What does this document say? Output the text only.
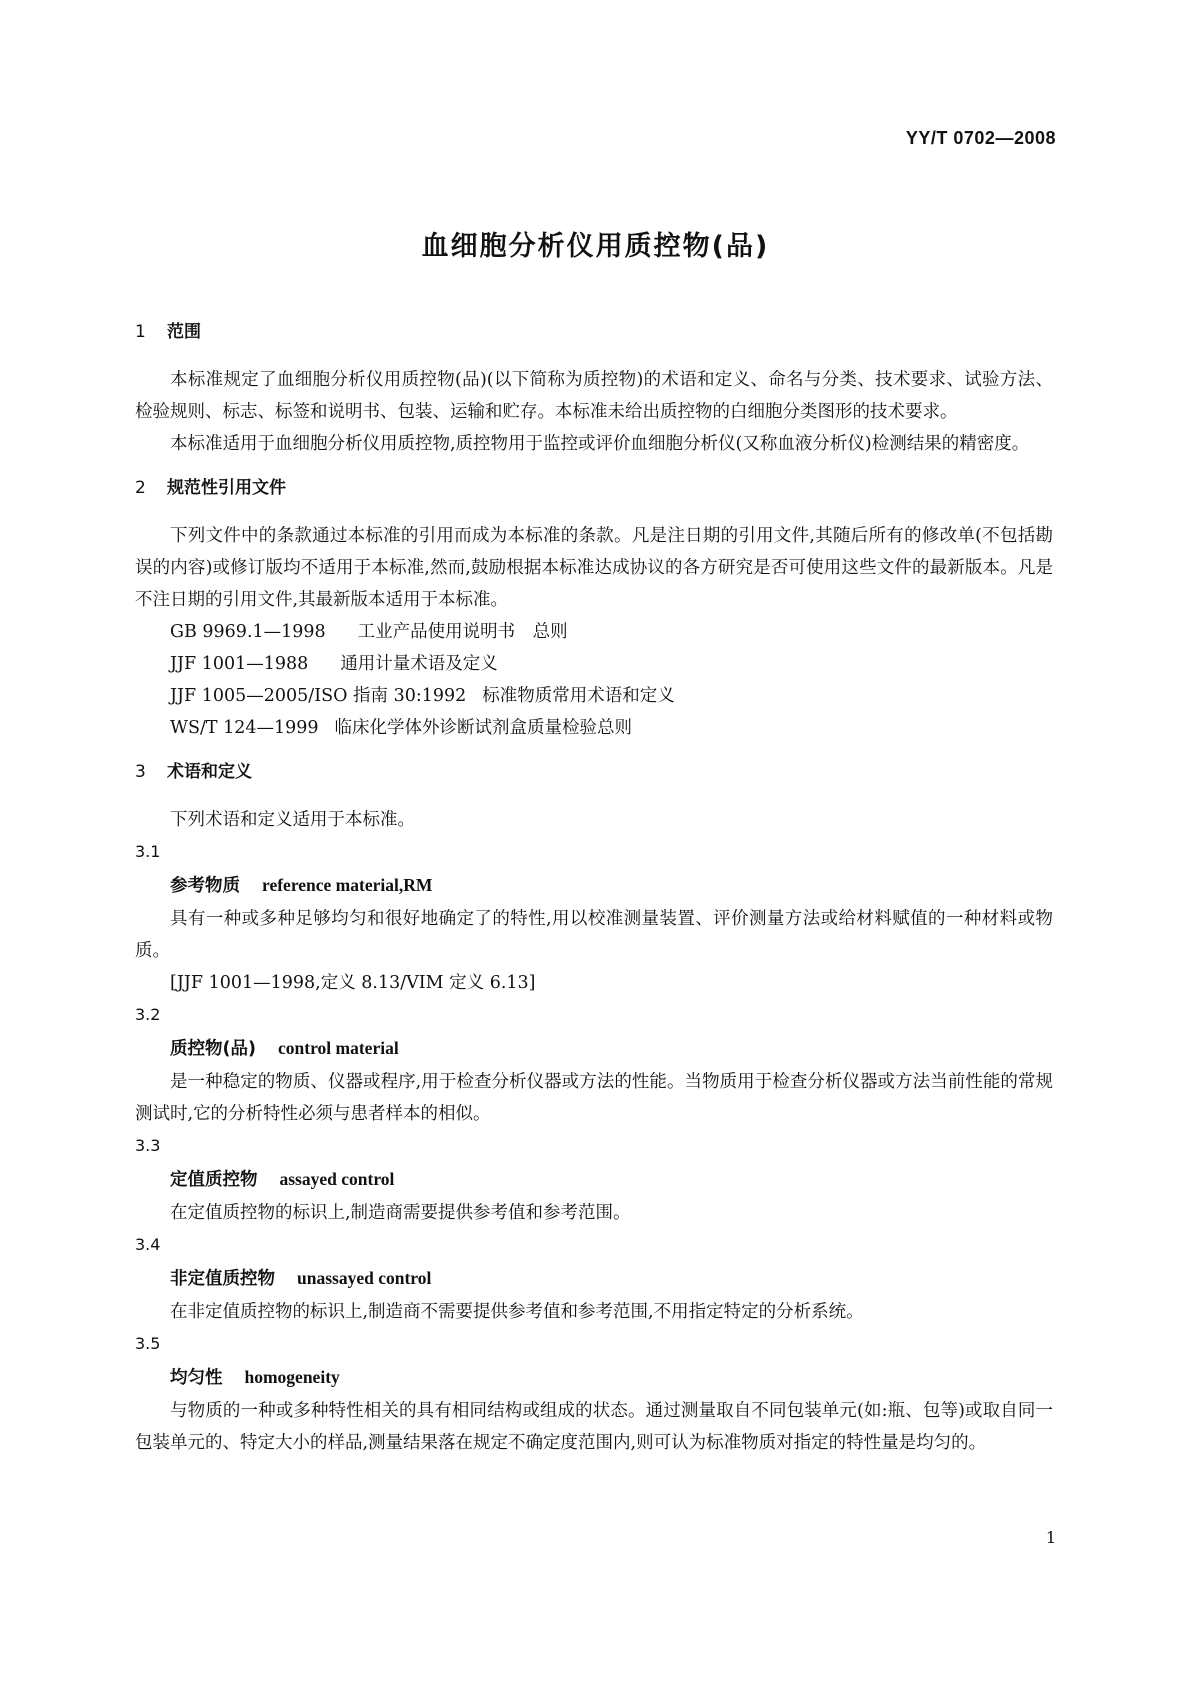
YY/T 0702—2008
血细胞分析仪用质控物(品)
1 范围
本标准规定了血细胞分析仪用质控物(品)(以下简称为质控物)的术语和定义、命名与分类、技术要求、试验方法、检验规则、标志、标签和说明书、包装、运输和贮存。本标准未给出质控物的白细胞分类图形的技术要求。
本标准适用于血细胞分析仪用质控物,质控物用于监控或评价血细胞分析仪(又称血液分析仪)检测结果的精密度。
2 规范性引用文件
下列文件中的条款通过本标准的引用而成为本标准的条款。凡是注日期的引用文件,其随后所有的修改单(不包括勘误的内容)或修订版均不适用于本标准,然而,鼓励根据本标准达成协议的各方研究是否可使用这些文件的最新版本。凡是不注日期的引用文件,其最新版本适用于本标准。
GB 9969.1—1998 工业产品使用说明书　总则
JJF 1001—1988 通用计量术语及定义
JJF 1005—2005/ISO 指南 30:1992 标准物质常用术语和定义
WS/T 124—1999 临床化学体外诊断试剂盒质量检验总则
3 术语和定义
下列术语和定义适用于本标准。
3.1
参考物质 reference material,RM
具有一种或多种足够均匀和很好地确定了的特性,用以校准测量装置、评价测量方法或给材料赋值的一种材料或物质。
[JJF 1001—1998,定义 8.13/VIM 定义 6.13]
3.2
质控物(品) control material
是一种稳定的物质、仪器或程序,用于检查分析仪器或方法的性能。当物质用于检查分析仪器或方法当前性能的常规测试时,它的分析特性必须与患者样本的相似。
3.3
定值质控物 assayed control
在定值质控物的标识上,制造商需要提供参考值和参考范围。
3.4
非定值质控物 unassayed control
在非定值质控物的标识上,制造商不需要提供参考值和参考范围,不用指定特定的分析系统。
3.5
均匀性 homogeneity
与物质的一种或多种特性相关的具有相同结构或组成的状态。通过测量取自不同包装单元(如:瓶、包等)或取自同一包装单元的、特定大小的样品,测量结果落在规定不确定度范围内,则可认为标准物质对指定的特性量是均匀的。
1
